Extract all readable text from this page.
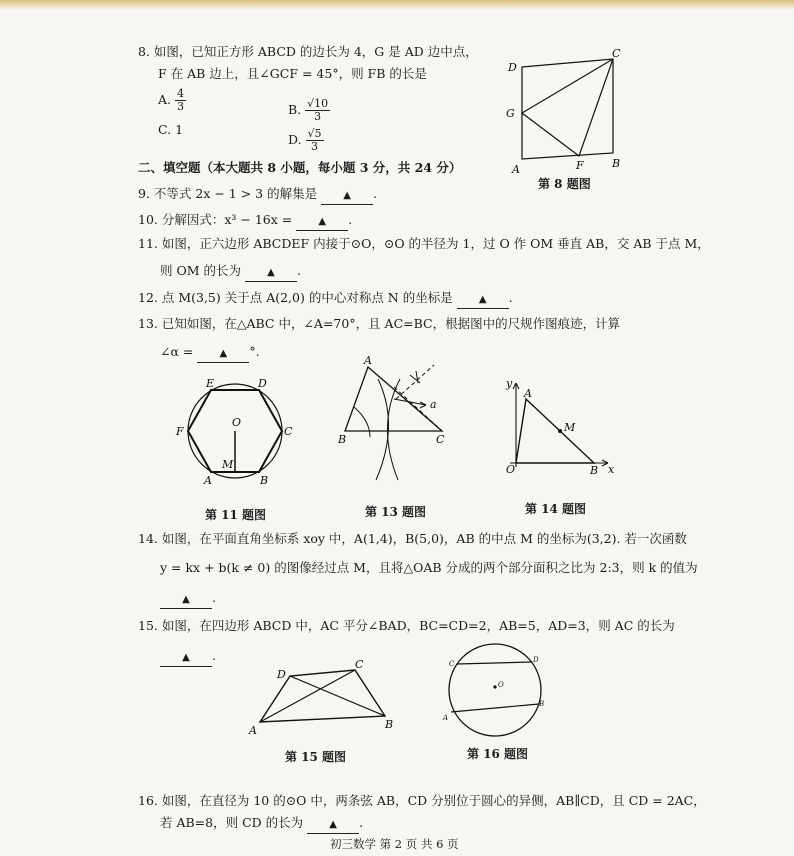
8. 如图，已知正方形 ABCD 的边长为 4，G 是 AD 边中点，
F 在 AB 边上，且∠GCF = 45°，则 FB 的长是
A. $\frac{4}{3}$	B. $\frac{√10}{3}$
C. 1
D. $\frac{√5}{3}$
D
C
G
A	F	B
第 8 题图
二、填空题（本大题共 8 小题，每小题 3 分，共 24 分）
9. 不等式 2x − 1 > 3 的解集是	▲ .
10. 分解因式：x³ − 16x =	▲ .
11. 如图，正六边形 ABCDEF 内接于⊙O，⊙O 的半径为 1，过 O 作 OM 垂直 AB，交 AB 于点 M，
则 OM 的长为	▲ .
12. 点 M(3,5) 关于点 A(2,0) 的中心对称点 N 的坐标是	▲ .
13. 已知如图，在△ABC 中，∠A=70°，且 AC=BC，根据图中的尺规作图痕迹，计算
∠α =	▲ °.
E	D
F	C
O
M
A	B
第 11 题图
A
B	C
a
第 13 题图
y
x
O
A
M
B
第 14 题图
14. 如图，在平面直角坐标系 xoy 中，A(1,4)，B(5,0)，AB 的中点 M 的坐标为(3,2). 若一次函数
y = kx + b(k ≠ 0) 的图像经过点 M，且将△OAB 分成的两个部分面积之比为 2:3，则 k 的值为
▲ .
15. 如图，在四边形 ABCD 中，AC 平分∠BAD，BC=CD=2，AB=5，AD=3，则 AC 的长为
▲ .
D
C
A	B
第 15 题图
C	D
O
A
B
第 16 题图
16. 如图，在直径为 10 的⊙O 中，两条弦 AB，CD 分别位于圆心的异侧，AB∥CD，且 CD = 2AC，
若 AB=8，则 CD 的长为	▲ .
初三数学 第 2 页 共 6 页
